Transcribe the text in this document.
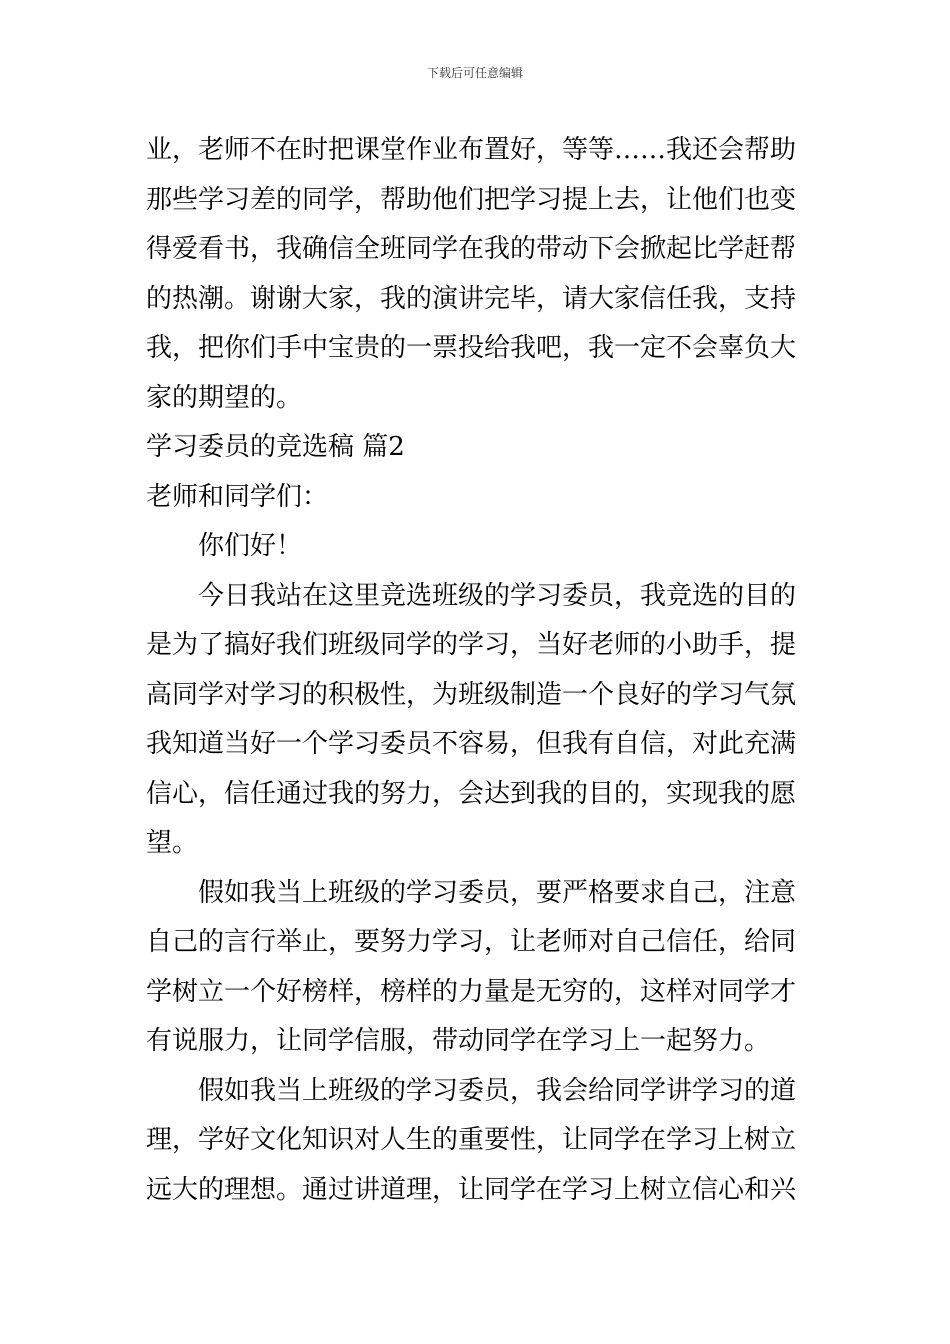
下载后可任意编辑
业，老师不在时把课堂作业布置好，等等……我还会帮助
那些学习差的同学，帮助他们把学习提上去，让他们也变
得爱看书，我确信全班同学在我的带动下会掀起比学赶帮
的热潮。谢谢大家，我的演讲完毕，请大家信任我，支持
我，把你们手中宝贵的一票投给我吧，我一定不会辜负大
家的期望的。
学习委员的竞选稿 篇2
老师和同学们：
你们好！
今日我站在这里竞选班级的学习委员，我竞选的目的
是为了搞好我们班级同学的学习，当好老师的小助手，提
高同学对学习的积极性，为班级制造一个良好的学习气氛
我知道当好一个学习委员不容易，但我有自信，对此充满
信心，信任通过我的努力，会达到我的目的，实现我的愿
望。
假如我当上班级的学习委员，要严格要求自己，注意
自己的言行举止，要努力学习，让老师对自己信任，给同
学树立一个好榜样，榜样的力量是无穷的，这样对同学才
有说服力，让同学信服，带动同学在学习上一起努力。
假如我当上班级的学习委员，我会给同学讲学习的道
理，学好文化知识对人生的重要性，让同学在学习上树立
远大的理想。通过讲道理，让同学在学习上树立信心和兴
